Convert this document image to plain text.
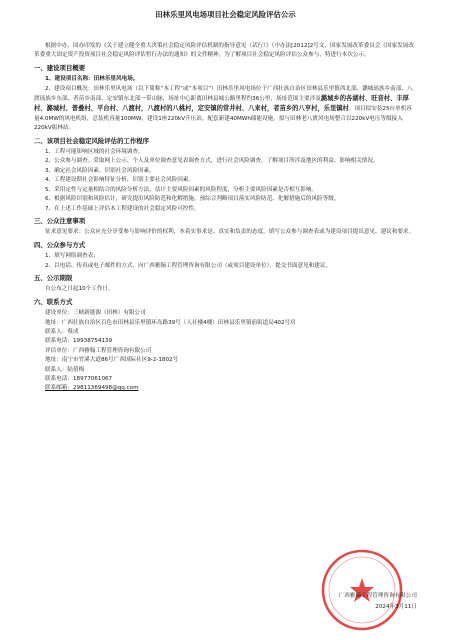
田林乐里风电场项目社会稳定风险评估公示

根据中办、国办印发的《关于建立健全重大决策社会稳定风险评估机制的指导意见（试行）》（中办法[2012]2号文、国家发展改革委员会《国家发展改革委重大固定资产投资项目社会稳定风险评估暂行办法的通知》的文件精神，为了解项目社会稳定风险评估公众参与，特进行本次公示。

一、建设项目概要

1、建设项目名称：田林乐里风电场。

2、建设项目概况：田林乐里风电场（以下简称“本工程”或“本项目”）田林乐里风电场位于广西壮族自治区田林县乐里镇西北部、潞城瑶族乡南部、八渡瑶族乡东部、者苗乡南部、定安镇东北部一带山脉，场址中心距离田林县城公路里程约36公里，场址范围主要涉及潞城乡的各湖村、旺音村、丰厚村、潞城村、普叠村、平台村、八渡村，八渡村的八桃村，定安镇的常井村、八来村，者苗乡的八亨村，乐里镇村。项目拟安装25台单机容量4.0MW的风电机组，总装机容量100MW，建设1座220kV升压站，配套新建40MWh储能设施，拟与田林老八渡风电场整合以220kV电压等级接入220kV振林站。

二、该项目社会稳定风险评估的工作程序

1、工程可能影响区域的社会环境调查。

2、公众参与调查。采取网上公示、个人及单位调查意见表调查方式，进行社会风险调查，了解项目所涉及地区的利益、影响相关情况。

3、确定社会风险因素。识别社会风险因素。

4、工程建设期社会影响特征分析，识别主要社会风险因素。

5、采用定性与定量相结合的风险分析方法，估计主要风险因素的风险程度，分析主要风险因素是否相互影响。

6、根据风险识别和风险估计，研究提出风险防范和化解措施，预综合判断项目落实风险防范、化解措施后的风险等级。

7、在上述工作基础上评估本工程建设的社会稳定风险可控性。

三、公众注意事项

征求意见要求：公众应充分享受参与影响评价的权利，本着实事求是、真实和负责的态度，填写公众参与调查表或为建设项目提出意见、建议和要求。

四、公众参与方式

1、填写网络调查表；

2、以电话、传真或电子邮件的方式，向广西雅翰工程管理咨询有限公司（或项目建设单位），提交书面意见和建议。

五、公示期限

自公布之日起10个工作日。

六、联系方式

建设单位：三峡新能源（田林）有限公司

地址：广西壮族自治区百色市田林县乐里镇环岛路39号（人社楼4楼）田林县乐里镇前街道局402号房

联系人：蔡成

联系电话：19938754139

评估单位：广西雅翰工程管理咨询有限公司

地址：南宁市竹溪大道86号广西国际社区9-2-1802号

联系人：陆倩梅

联系电话：18977061067

联系邮箱：29811369498@qq.com

广西雅翰工程管理咨询有限公司
2024年3月11日
